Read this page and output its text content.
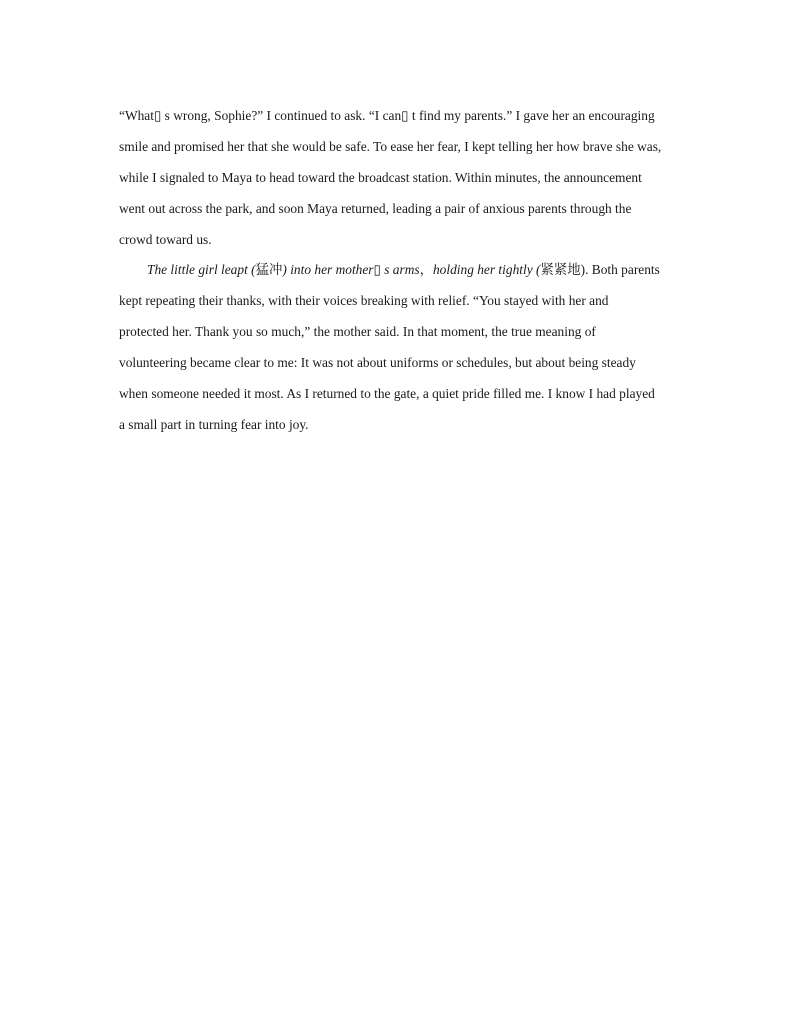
“What▯ s wrong, Sophie?” I continued to ask. “I can▯ t find my parents.” I gave her an encouraging
smile and promised her that she would be safe. To ease her fear, I kept telling her how brave she was,
while I signaled to Maya to head toward the broadcast station. Within minutes, the announcement
went out across the park, and soon Maya returned, leading a pair of anxious parents through the
crowd toward us.
The little girl leapt (猛冲) into her mother▯ s arms，holding her tightly (紧紧地). Both parents
kept repeating their thanks, with their voices breaking with relief. “You stayed with her and
protected her. Thank you so much,” the mother said. In that moment, the true meaning of
volunteering became clear to me: It was not about uniforms or schedules, but about being steady
when someone needed it most. As I returned to the gate, a quiet pride filled me. I know I had played
a small part in turning fear into joy.
